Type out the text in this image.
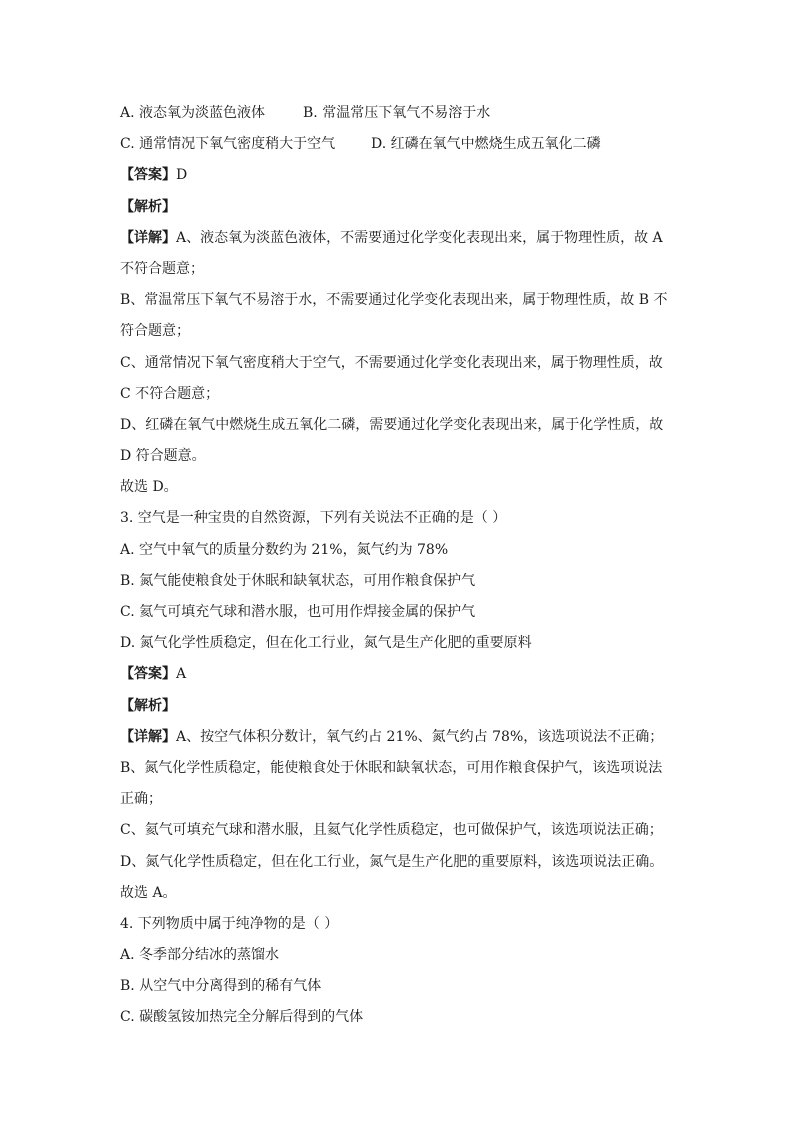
A. 液态氧为淡蓝色液体	B. 常温常压下氧气不易溶于水
C. 通常情况下氧气密度稍大于空气	D. 红磷在氧气中燃烧生成五氧化二磷
【答案】D
【解析】
【详解】A、液态氧为淡蓝色液体，不需要通过化学变化表现出来，属于物理性质，故 A
不符合题意；
B、常温常压下氧气不易溶于水，不需要通过化学变化表现出来，属于物理性质，故 B 不
符合题意；
C、通常情况下氧气密度稍大于空气，不需要通过化学变化表现出来，属于物理性质，故
C 不符合题意；
D、红磷在氧气中燃烧生成五氧化二磷，需要通过化学变化表现出来，属于化学性质，故
D 符合题意。
故选 D。
3. 空气是一种宝贵的自然资源，下列有关说法不正确的是（ ）
A. 空气中氧气的质量分数约为 21%，氮气约为 78%
B. 氮气能使粮食处于休眠和缺氧状态，可用作粮食保护气
C. 氦气可填充气球和潜水服，也可用作焊接金属的保护气
D. 氮气化学性质稳定，但在化工行业，氮气是生产化肥的重要原料
【答案】A
【解析】
【详解】A、按空气体积分数计，氧气约占 21%、氮气约占 78%，该选项说法不正确；
B、氮气化学性质稳定，能使粮食处于休眠和缺氧状态，可用作粮食保护气，该选项说法
正确；
C、氦气可填充气球和潜水服，且氦气化学性质稳定，也可做保护气，该选项说法正确；
D、氮气化学性质稳定，但在化工行业，氮气是生产化肥的重要原料，该选项说法正确。
故选 A。
4. 下列物质中属于纯净物的是（ ）
A. 冬季部分结冰的蒸馏水
B. 从空气中分离得到的稀有气体
C. 碳酸氢铵加热完全分解后得到的气体
